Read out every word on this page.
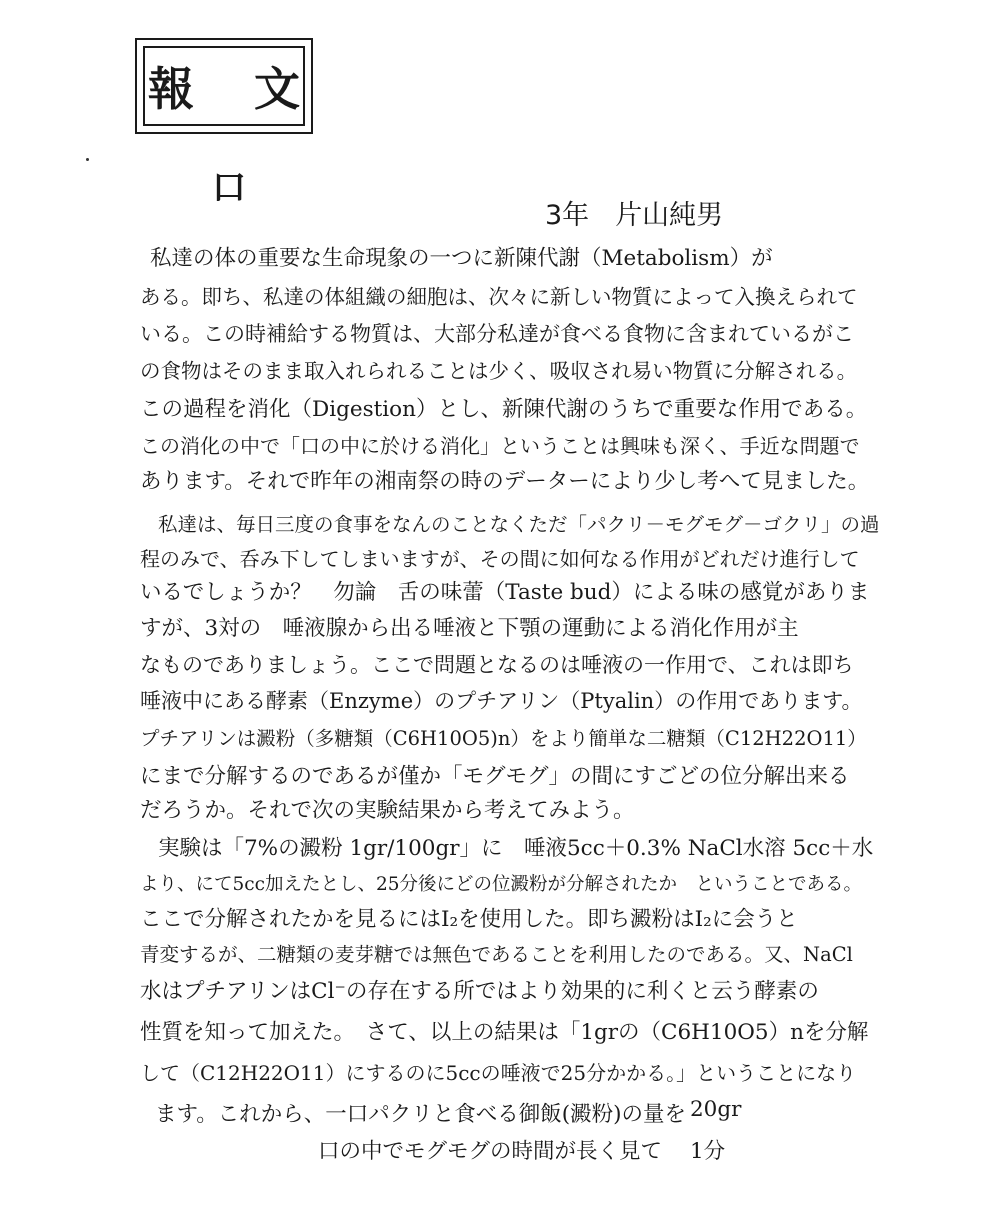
報 文
口
3年 片山純男
私達の体の重要な生命現象の一つに新陳代謝（Metabolism）が
ある。即ち、私達の体組織の細胞は、次々に新しい物質によって入換えられて
いる。この時補給する物質は、大部分私達が食べる食物に含まれているがこ
の食物はそのまま取入れられることは少く、吸収され易い物質に分解される。
この過程を消化（Digestion）とし、新陳代謝のうちで重要な作用である。
この消化の中で「口の中に於ける消化」ということは興味も深く、手近な問題で
あります。それで昨年の湘南祭の時のデーターにより少し考へて見ました。
私達は、毎日三度の食事をなんのことなくただ「パクリ－モグモグ－ゴクリ」の過
程のみで、呑み下してしまいますが、その間に如何なる作用がどれだけ進行して
いるでしょうか？　勿論　舌の味蕾（Taste bud）による味の感覚がありま
すが、3対の　唾液腺から出る唾液と下顎の運動による消化作用が主
なものでありましょう。ここで問題となるのは唾液の一作用で、これは即ち
唾液中にある酵素（Enzyme）のプチアリン（Ptyalin）の作用であります。
プチアリンは澱粉（多糖類（C6H10O5)n）をより簡単な二糖類（C12H22O11）
にまで分解するのであるが僅か「モグモグ」の間にすごどの位分解出来る
だろうか。それで次の実験結果から考えてみよう。
実験は「7%の澱粉 1gr/100gr」に　唾液5cc＋0.3% NaCl水溶 5cc＋水
より、にて5cc加えたとし、25分後にどの位澱粉が分解されたか　ということである。
ここで分解されたかを見るにはI₂を使用した。即ち澱粉はI₂に会うと
青変するが、二糖類の麦芽糖では無色であることを利用したのである。又、NaCl
水はプチアリンはCl⁻の存在する所ではより効果的に利くと云う酵素の
性質を知って加えた。　さて、以上の結果は「1grの（C6H10O5）nを分解
して（C12H22O11）にするのに5ccの唾液で25分かかる。」ということになり
ます。これから、一口パクリと食べる御飯(澱粉)の量を 20gr
口の中でモグモグの時間が長く見て 1分
